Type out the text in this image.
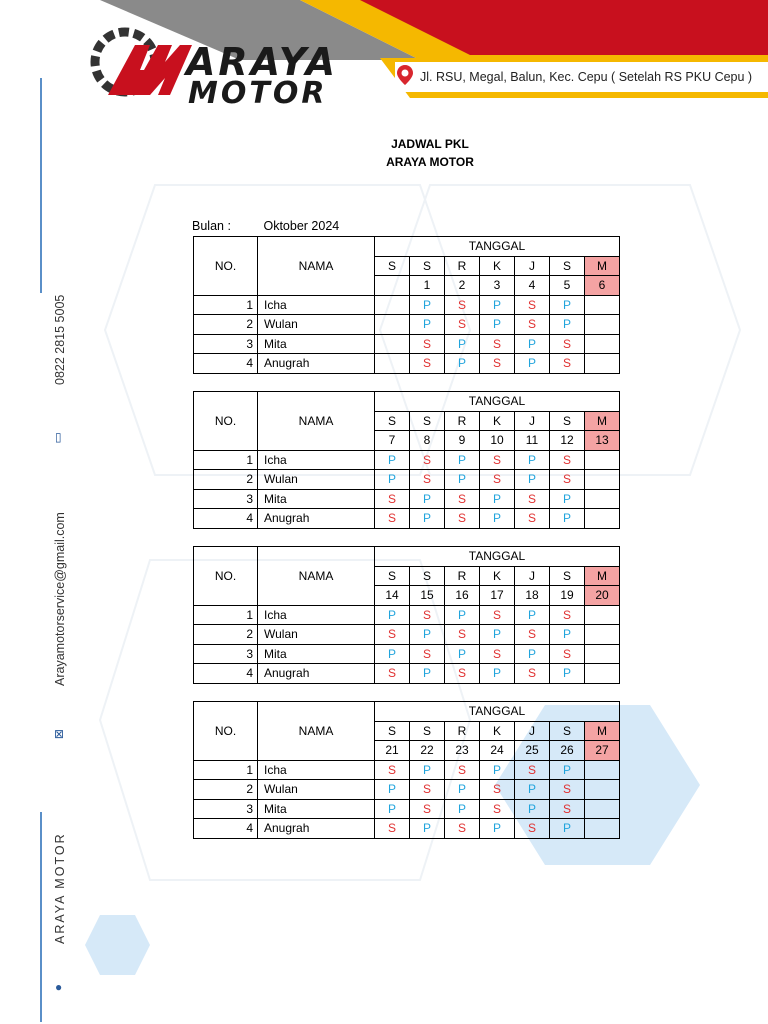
ARAYA
MOTOR	Jl. RSU, Megal, Balun, Kec. Cepu ( Setelah RS PKU Cepu )
0822 2815 5005
▯
Arayamotorservice@gmail.com
⊠
ARAYA MOTOR
●
JADWAL PKL
ARAYA MOTOR
Bulan :	Oktober 2024
NO.	NAMA	TANGGAL						
		S	S	R	K	J	S	M
			1	2	3	4	5	6
1	Icha		P	S	P	S	P	
2	Wulan		P	S	P	S	P	
3	Mita		S	P	S	P	S	
4	Anugrah		S	P	S	P	S	
NO.	NAMA	TANGGAL						
		S	S	R	K	J	S	M
		7	8	9	10	11	12	13
1	Icha	P	S	P	S	P	S	
2	Wulan	P	S	P	S	P	S	
3	Mita	S	P	S	P	S	P	
4	Anugrah	S	P	S	P	S	P	
NO.	NAMA	TANGGAL						
		S	S	R	K	J	S	M
		14	15	16	17	18	19	20
1	Icha	P	S	P	S	P	S	
2	Wulan	S	P	S	P	S	P	
3	Mita	P	S	P	S	P	S	
4	Anugrah	S	P	S	P	S	P	
NO.	NAMA	TANGGAL						
		S	S	R	K	J	S	M
		21	22	23	24	25	26	27
1	Icha	S	P	S	P	S	P	
2	Wulan	P	S	P	S	P	S	
3	Mita	P	S	P	S	P	S	
4	Anugrah	S	P	S	P	S	P	
